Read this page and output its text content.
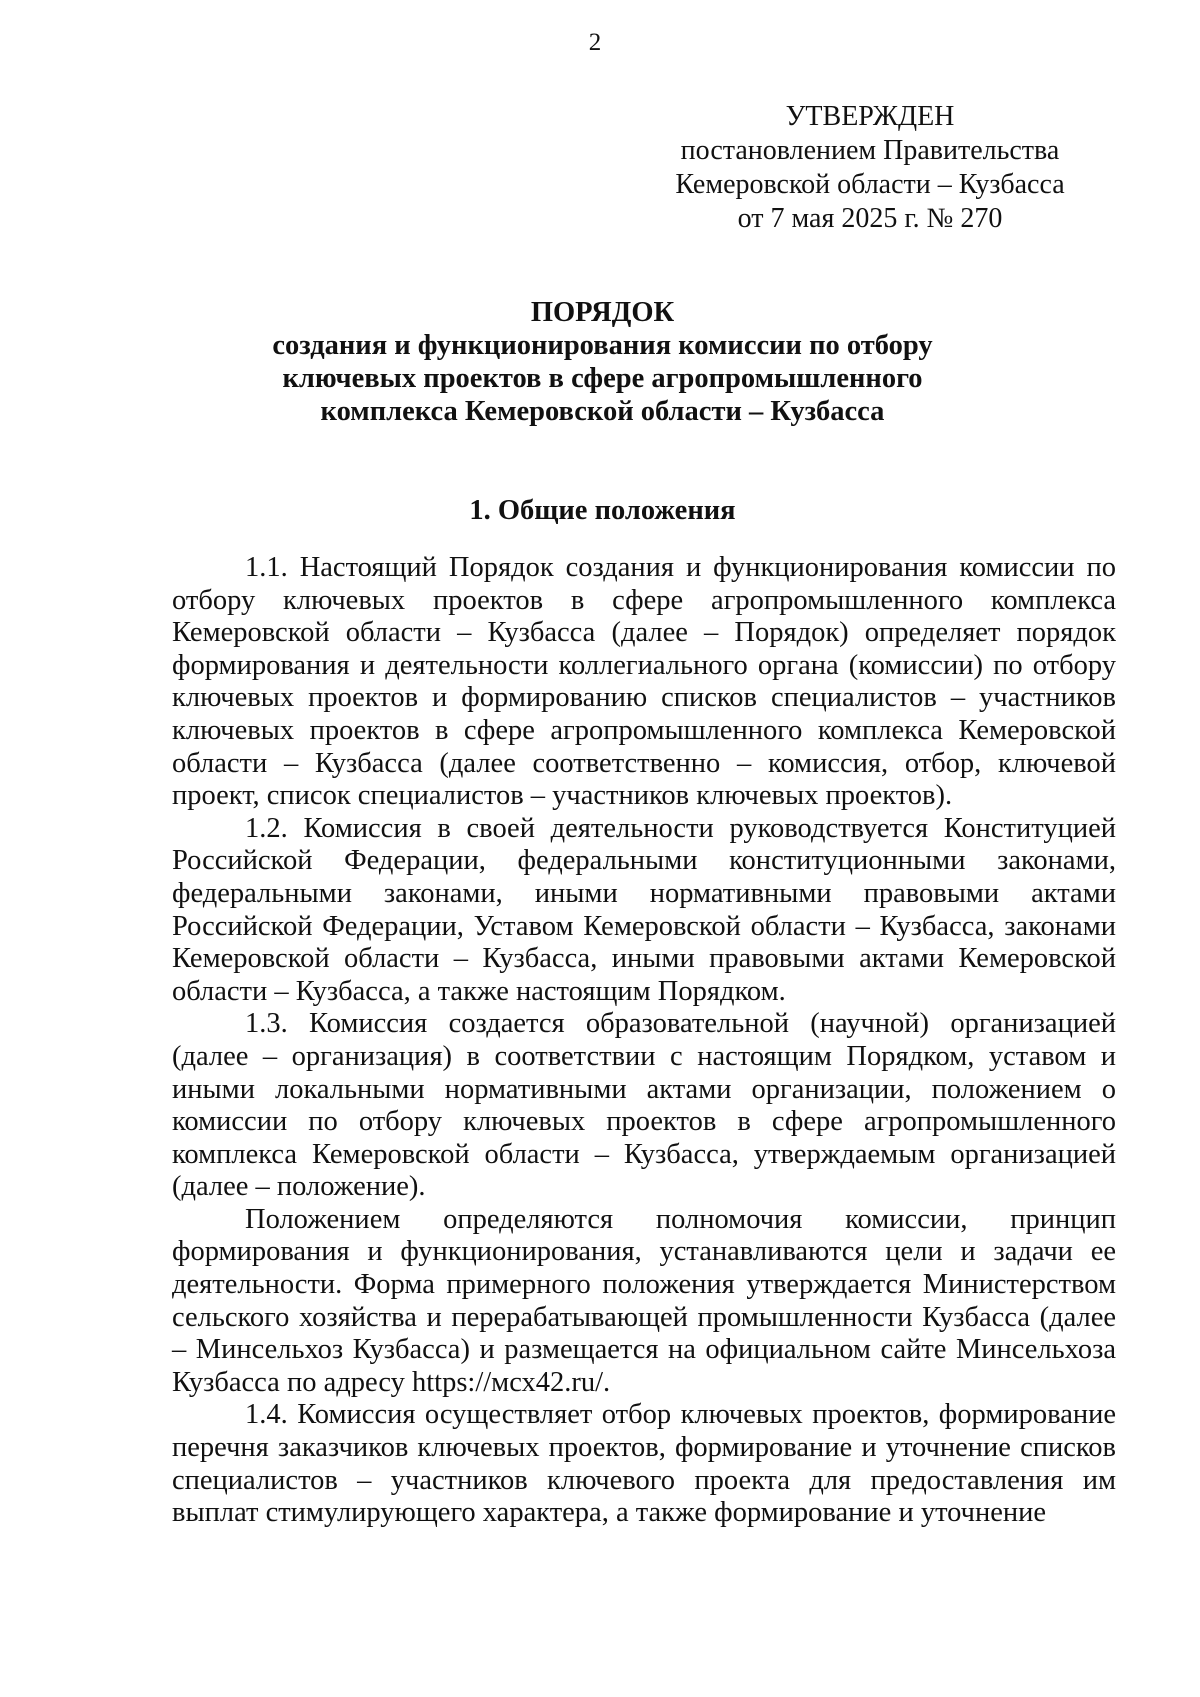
2
УТВЕРЖДЕН
постановлением Правительства
Кемеровской области – Кузбасса
от 7 мая 2025 г. № 270
ПОРЯДОК
создания и функционирования комиссии по отбору
ключевых проектов в сфере агропромышленного
комплекса Кемеровской области – Кузбасса
1. Общие положения

1.1. Настоящий Порядок создания и функционирования комиссии по отбору ключевых проектов в сфере агропромышленного комплекса Кемеровской области – Кузбасса (далее – Порядок) определяет порядок формирования и деятельности коллегиального органа (комиссии) по отбору ключевых проектов и формированию списков специалистов – участников ключевых проектов в сфере агропромышленного комплекса Кемеровской области – Кузбасса (далее соответственно – комиссия, отбор, ключевой проект, список специалистов – участников ключевых проектов).

1.2. Комиссия в своей деятельности руководствуется Конституцией Российской Федерации, федеральными конституционными законами, федеральными законами, иными нормативными правовыми актами Российской Федерации, Уставом Кемеровской области – Кузбасса, законами Кемеровской области – Кузбасса, иными правовыми актами Кемеровской области – Кузбасса, а также настоящим Порядком.

1.3. Комиссия создается образовательной (научной) организацией (далее – организация) в соответствии с настоящим Порядком, уставом и иными локальными нормативными актами организации, положением о комиссии по отбору ключевых проектов в сфере агропромышленного комплекса Кемеровской области – Кузбасса, утверждаемым организацией (далее – положение).

Положением определяются полномочия комиссии, принцип формирования и функционирования, устанавливаются цели и задачи ее деятельности. Форма примерного положения утверждается Министерством сельского хозяйства и перерабатывающей промышленности Кузбасса (далее – Минсельхоз Кузбасса) и размещается на официальном сайте Минсельхоза Кузбасса по адресу https://мсх42.ru/.

1.4. Комиссия осуществляет отбор ключевых проектов, формирование перечня заказчиков ключевых проектов, формирование и уточнение списков специалистов – участников ключевого проекта для предоставления им выплат стимулирующего характера, а также формирование и уточнение
